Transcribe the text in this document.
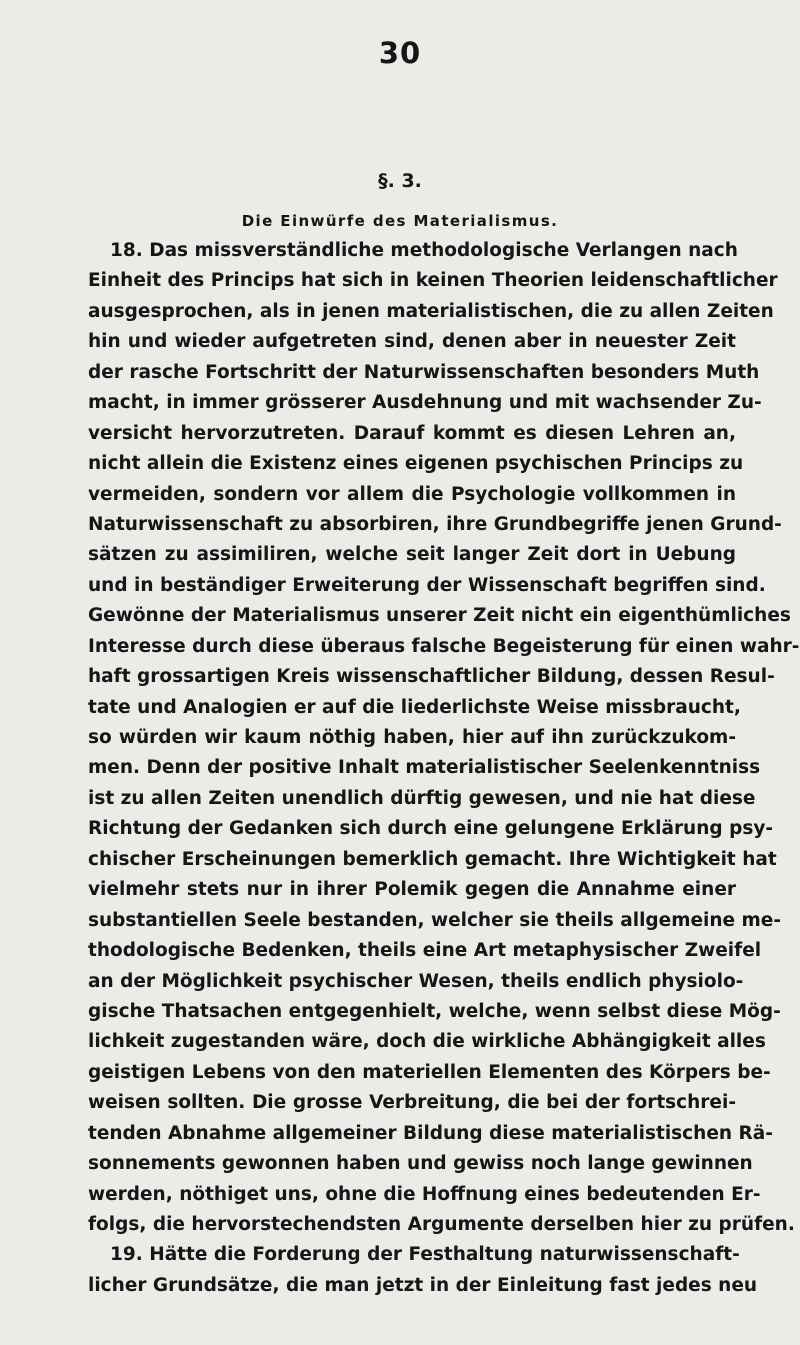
30
§. 3.
Die Einwürfe des Materialismus.
18. Das missverständliche methodologische Verlangen nach
Einheit des Princips hat sich in keinen Theorien leidenschaftlicher
ausgesprochen, als in jenen materialistischen, die zu allen Zeiten
hin und wieder aufgetreten sind, denen aber in neuester Zeit
der rasche Fortschritt der Naturwissenschaften besonders Muth
macht, in immer grösserer Ausdehnung und mit wachsender Zu-
versicht hervorzutreten. Darauf kommt es diesen Lehren an,
nicht allein die Existenz eines eigenen psychischen Princips zu
vermeiden, sondern vor allem die Psychologie vollkommen in
Naturwissenschaft zu absorbiren, ihre Grundbegriffe jenen Grund-
sätzen zu assimiliren, welche seit langer Zeit dort in Uebung
und in beständiger Erweiterung der Wissenschaft begriffen sind.
Gewönne der Materialismus unserer Zeit nicht ein eigenthümliches
Interesse durch diese überaus falsche Begeisterung für einen wahr-
haft grossartigen Kreis wissenschaftlicher Bildung, dessen Resul-
tate und Analogien er auf die liederlichste Weise missbraucht,
so würden wir kaum nöthig haben, hier auf ihn zurückzukom-
men. Denn der positive Inhalt materialistischer Seelenkenntniss
ist zu allen Zeiten unendlich dürftig gewesen, und nie hat diese
Richtung der Gedanken sich durch eine gelungene Erklärung psy-
chischer Erscheinungen bemerklich gemacht. Ihre Wichtigkeit hat
vielmehr stets nur in ihrer Polemik gegen die Annahme einer
substantiellen Seele bestanden, welcher sie theils allgemeine me-
thodologische Bedenken, theils eine Art metaphysischer Zweifel
an der Möglichkeit psychischer Wesen, theils endlich physiolo-
gische Thatsachen entgegenhielt, welche, wenn selbst diese Mög-
lichkeit zugestanden wäre, doch die wirkliche Abhängigkeit alles
geistigen Lebens von den materiellen Elementen des Körpers be-
weisen sollten. Die grosse Verbreitung, die bei der fortschrei-
tenden Abnahme allgemeiner Bildung diese materialistischen Rä-
sonnements gewonnen haben und gewiss noch lange gewinnen
werden, nöthiget uns, ohne die Hoffnung eines bedeutenden Er-
folgs, die hervorstechendsten Argumente derselben hier zu prüfen.
19. Hätte die Forderung der Festhaltung naturwissenschaft-
licher Grundsätze, die man jetzt in der Einleitung fast jedes neu
